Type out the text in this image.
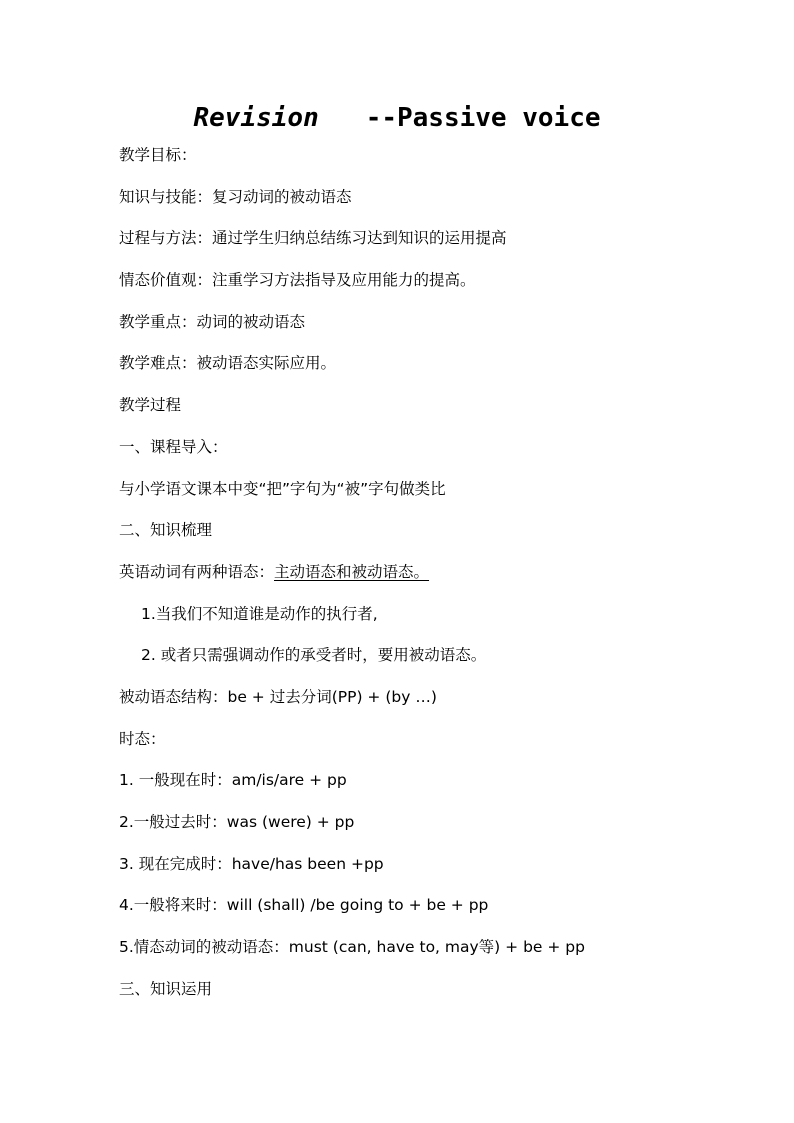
Revision   --Passive voice
教学目标：
知识与技能：复习动词的被动语态
过程与方法：通过学生归纳总结练习达到知识的运用提高
情态价值观：注重学习方法指导及应用能力的提高。
教学重点：动词的被动语态
教学难点：被动语态实际应用。
教学过程
一、课程导入：
与小学语文课本中变“把”字句为“被”字句做类比
二、知识梳理
英语动词有两种语态：主动语态和被动语态。
1.当我们不知道谁是动作的执行者,
2. 或者只需强调动作的承受者时，要用被动语态。
被动语态结构：be + 过去分词(PP) + (by …)
时态：
1. 一般现在时：am/is/are + pp
2.一般过去时：was (were) + pp
3. 现在完成时：have/has been +pp
4.一般将来时：will (shall) /be going to + be + pp
5.情态动词的被动语态：must (can, have to, may等) + be + pp
三、知识运用
